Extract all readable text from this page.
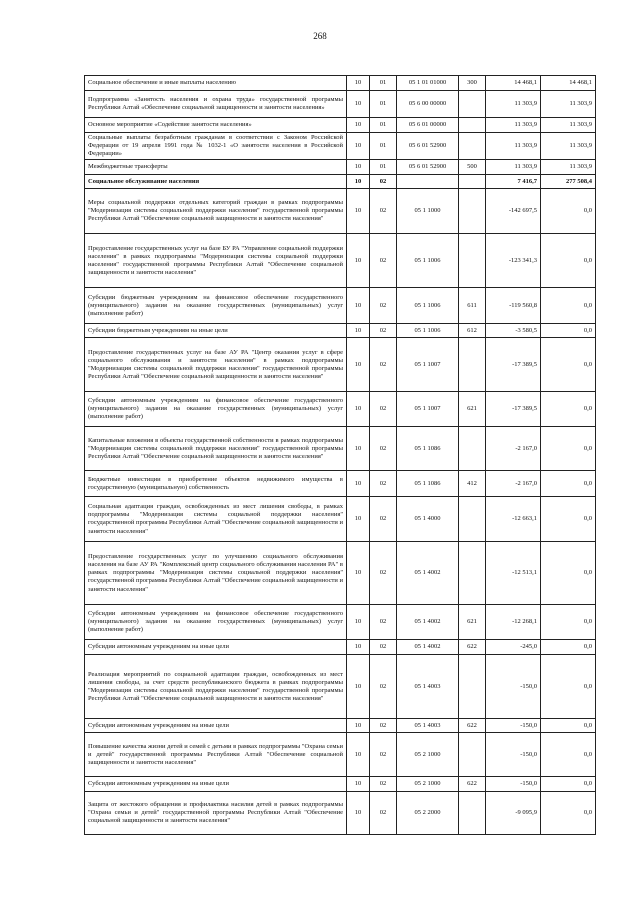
268
Социальное обеспечение и иные выплаты населению	10	01	05 1 01 01000	300	14 468,1	14 468,1
Подпрограмма «Занятость населения и охрана труда» государственной программы Республики Алтай «Обеспечение социальной защищенности и занятости населения»	10	01	05 6 00 00000		11 303,9	11 303,9
Основное мероприятие «Содействие занятости населения»	10	01	05 6 01 00000		11 303,9	11 303,9
Социальные выплаты безработным гражданам в соответствии с Законом Российской Федерации от 19 апреля 1991 года № 1032-1 «О занятости населения в Российской Федерации»	10	01	05 6 01 52900		11 303,9	11 303,9
Межбюджетные трансферты	10	01	05 6 01 52900	500	11 303,9	11 303,9
Социальное обслуживание населения	10	02			7 416,7	277 508,4
Меры социальной поддержки отдельных категорий граждан в рамках подпрограммы "Модернизация системы социальной поддержки населения" государственной программы Республики Алтай "Обеспечение социальной защищенности и занятости населения"	10	02	05 1 1000		-142 697,5	0,0
Предоставление государственных услуг на базе БУ РА "Управление социальной поддержки населения" в рамках подпрограммы "Модернизация системы социальной поддержки населения" государственной программы Республики Алтай "Обеспечение социальной защищенности и занятости населения"	10	02	05 1 1006		-123 341,3	0,0
Субсидии бюджетным учреждениям на финансовое обеспечение государственного (муниципального) задания на оказание государственных (муниципальных) услуг (выполнение работ)	10	02	05 1 1006	611	-119 560,8	0,0
Субсидии бюджетным учреждениям на иные цели	10	02	05 1 1006	612	-3 580,5	0,0
Предоставление государственных услуг на базе АУ РА "Центр оказания услуг в сфере социального обслуживания и занятости населения" в рамках подпрограммы "Модернизация системы социальной поддержки населения" государственной программы Республики Алтай "Обеспечение социальной защищенности и занятости населения"	10	02	05 1 1007		-17 389,5	0,0
Субсидии автономным учреждениям на финансовое обеспечение государственного (муниципального) задания на оказание государственных (муниципальных) услуг (выполнение работ)	10	02	05 1 1007	621	-17 389,5	0,0
Капитальные вложения в объекты государственной собственности в рамках подпрограммы "Модернизация системы социальной поддержки населения" государственной программы Республики Алтай "Обеспечение социальной защищенности и занятости населения"	10	02	05 1 1086		-2 167,0	0,0
Бюджетные инвестиции в приобретение объектов недвижимого имущества в государственную (муниципальную) собственность	10	02	05 1 1086	412	-2 167,0	0,0
Социальная адаптация граждан, освобожденных из мест лишения свободы, в рамках подпрограммы "Модернизация системы социальной поддержки населения" государственной программы Республики Алтай "Обеспечение социальной защищенности и занятости населения"	10	02	05 1 4000		-12 663,1	0,0
Предоставление государственных услуг по улучшению социального обслуживания населения на базе АУ РА "Комплексный центр социального обслуживания населения РА" в рамках подпрограммы "Модернизация системы социальной поддержки населения" государственной программы Республики Алтай "Обеспечение социальной защищенности и занятости населения"	10	02	05 1 4002		-12 513,1	0,0
Субсидии автономным учреждениям на финансовое обеспечение государственного (муниципального) задания на оказание государственных (муниципальных) услуг (выполнение работ)	10	02	05 1 4002	621	-12 268,1	0,0
Субсидии автономным учреждениям на иные цели	10	02	05 1 4002	622	-245,0	0,0
Реализация мероприятий по социальной адаптации граждан, освобожденных из мест лишения свободы, за счет средств республиканского бюджета в рамках подпрограммы "Модернизация системы социальной поддержки населения" государственной программы Республики Алтай "Обеспечение социальной защищенности и занятости населения"	10	02	05 1 4003		-150,0	0,0
Субсидии автономным учреждениям на иные цели	10	02	05 1 4003	622	-150,0	0,0
Повышение качества жизни детей и семей с детьми в рамках подпрограммы "Охрана семьи и детей" государственной программы Республики Алтай "Обеспечение социальной защищенности и занятости населения"	10	02	05 2 1000		-150,0	0,0
Субсидии автономным учреждениям на иные цели	10	02	05 2 1000	622	-150,0	0,0
Защита от жестокого обращения и профилактика насилия детей в рамках подпрограммы "Охрана семьи и детей" государственной программы Республики Алтай "Обеспечение социальной защищенности и занятости населения"	10	02	05 2 2000		-9 095,9	0,0
